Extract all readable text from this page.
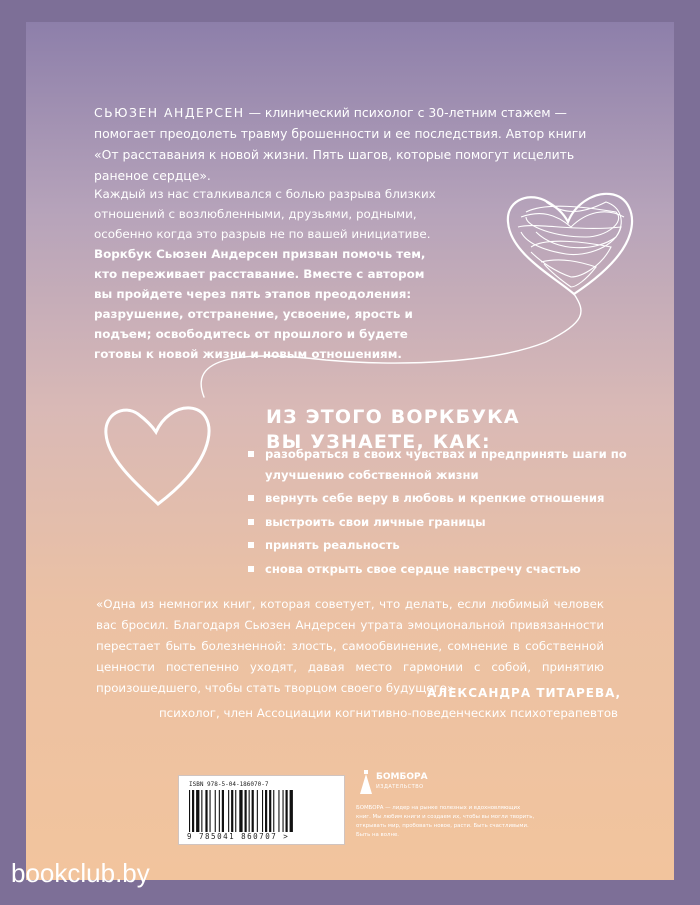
СЬЮЗЕН АНДЕРСЕН — клинический психолог с 30-летним стажем — помогает преодолеть травму брошенности и ее последствия. Автор книги «От расставания к новой жизни. Пять шагов, которые помогут исцелить раненое сердце».
Каждый из нас сталкивался с болью разрыва близких отношений с возлюбленными, друзьями, родными, особенно когда это разрыв не по вашей инициативе. Воркбук Сьюзен Андерсен призван помочь тем, кто переживает расставание. Вместе с автором вы пройдете через пять этапов преодоления: разрушение, отстранение, усвоение, ярость и подъем; освободитесь от прошлого и будете готовы к новой жизни и новым отношениям.
ИЗ ЭТОГО ВОРКБУКА
ВЫ УЗНАЕТЕ, КАК:
разобраться в своих чувствах и предпринять шаги по улучшению собственной жизни
вернуть себе веру в любовь и крепкие отношения
выстроить свои личные границы
принять реальность
снова открыть свое сердце навстречу счастью
«Одна из немногих книг, которая советует, что делать, если любимый человек вас бросил. Благодаря Сьюзен Андерсен утрата эмоциональной привязанности перестает быть болезненной: злость, самообвинение, сомнение в собственной ценности постепенно уходят, давая место гармонии с собой, принятию произошедшего, чтобы стать творцом своего будущего»
АЛЕКСАНДРА ТИТАРЕВА,
психолог, член Ассоциации когнитивно-поведенческих психотерапевтов
ISBN 978-5-04-186070-7
9 785041 860707 >
БОМБОРА
ИЗДАТЕЛЬСТВО
БОМБОРА — лидер на рынке полезных и вдохновляющих книг. Мы любим книги и создаем их, чтобы вы могли творить, открывать мир, пробовать новое, расти. Быть счастливыми. Быть на волне.
bookclub.by
